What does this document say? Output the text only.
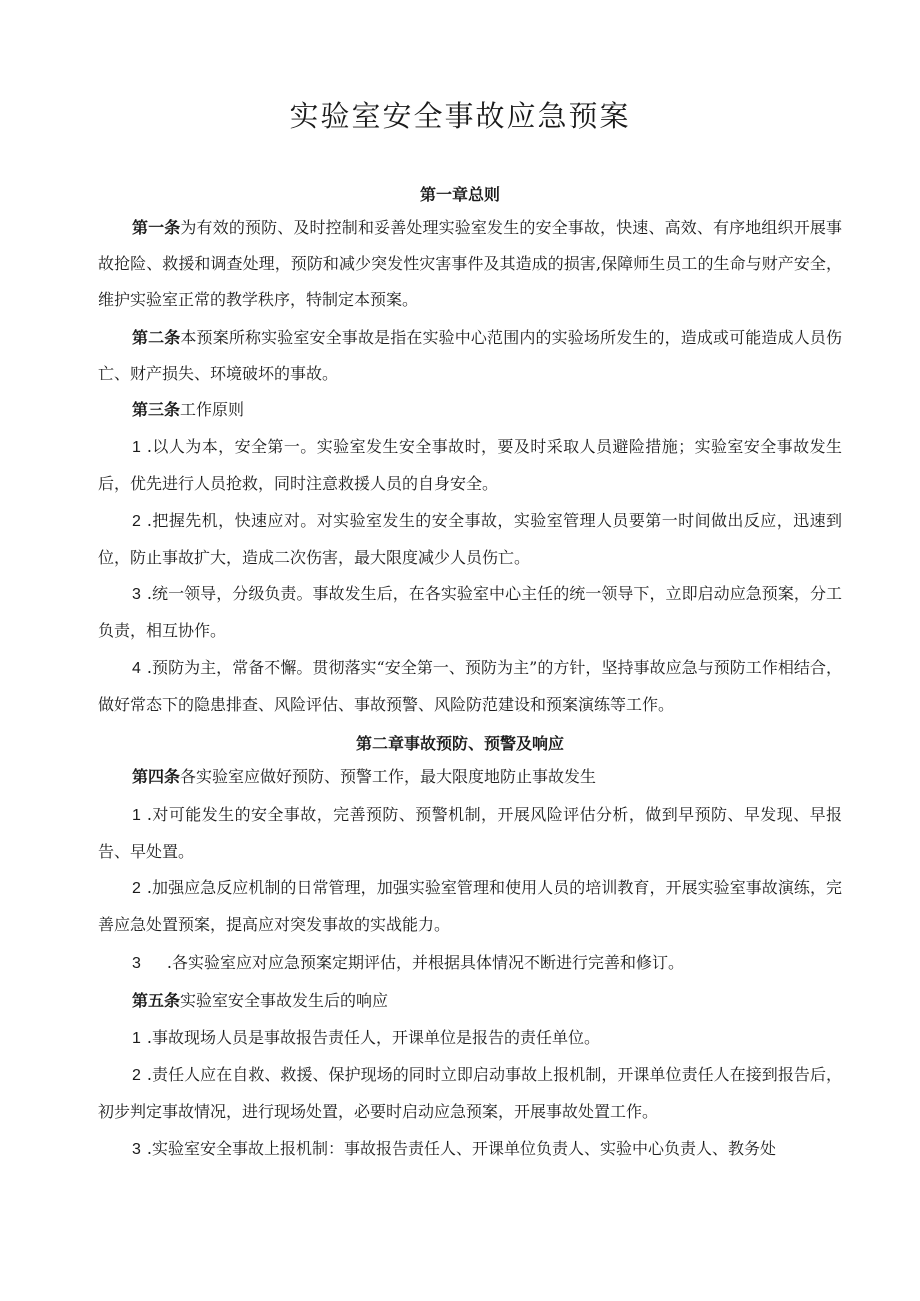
实验室安全事故应急预案
第一章总则

第一条为有效的预防、及时控制和妥善处理实验室发生的安全事故，快速、高效、有序地组织开展事故抢险、救援和调查处理，预防和减少突发性灾害事件及其造成的损害,保障师生员工的生命与财产安全，维护实验室正常的教学秩序，特制定本预案。

第二条本预案所称实验室安全事故是指在实验中心范围内的实验场所发生的，造成或可能造成人员伤亡、财产损失、环境破坏的事故。

第三条工作原则

1 .以人为本，安全第一。实验室发生安全事故时，要及时采取人员避险措施；实验室安全事故发生后，优先进行人员抢救，同时注意救援人员的自身安全。

2 .把握先机，快速应对。对实验室发生的安全事故，实验室管理人员要第一时间做出反应，迅速到位，防止事故扩大，造成二次伤害，最大限度减少人员伤亡。

3 .统一领导，分级负责。事故发生后，在各实验室中心主任的统一领导下，立即启动应急预案，分工负责，相互协作。

4 .预防为主，常备不懈。贯彻落实“安全第一、预防为主”的方针，坚持事故应急与预防工作相结合，做好常态下的隐患排查、风险评估、事故预警、风险防范建设和预案演练等工作。

第二章事故预防、预警及响应

第四条各实验室应做好预防、预警工作，最大限度地防止事故发生

1 .对可能发生的安全事故，完善预防、预警机制，开展风险评估分析，做到早预防、早发现、早报告、早处置。

2 .加强应急反应机制的日常管理，加强实验室管理和使用人员的培训教育，开展实验室事故演练，完善应急处置预案，提高应对突发事故的实战能力。

3 .各实验室应对应急预案定期评估，并根据具体情况不断进行完善和修订。

第五条实验室安全事故发生后的响应

1 .事故现场人员是事故报告责任人，开课单位是报告的责任单位。

2 .责任人应在自救、救援、保护现场的同时立即启动事故上报机制，开课单位责任人在接到报告后，初步判定事故情况，进行现场处置，必要时启动应急预案，开展事故处置工作。

3 .实验室安全事故上报机制：事故报告责任人、开课单位负责人、实验中心负责人、教务处
